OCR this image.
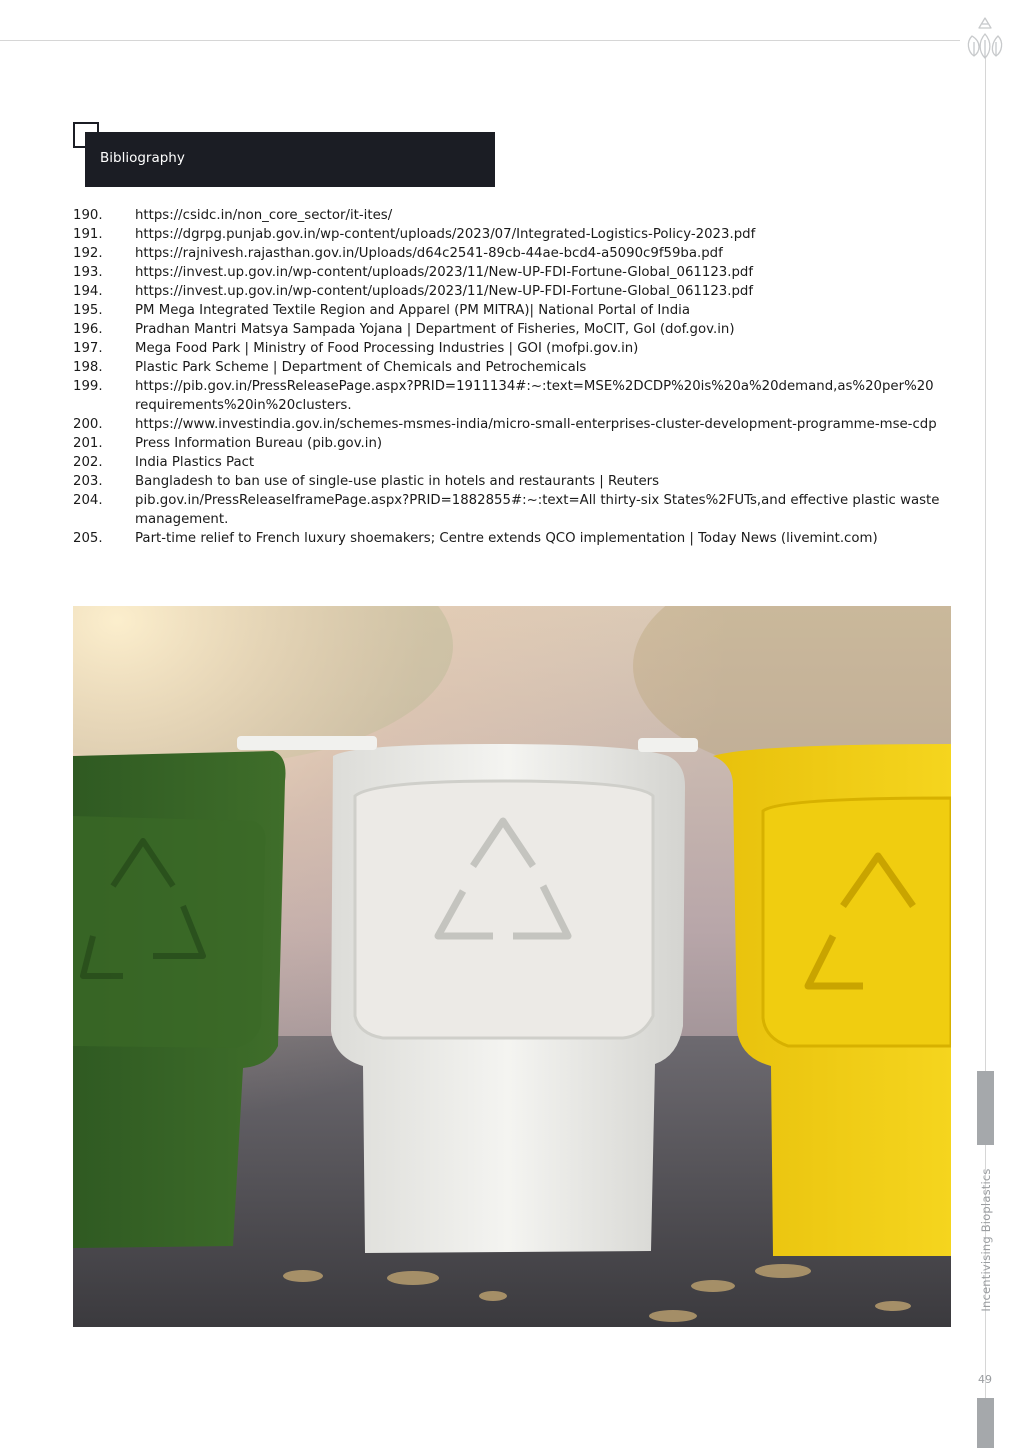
Bibliography
190.	https://csidc.in/non_core_sector/it-ites/
191.	https://dgrpg.punjab.gov.in/wp-content/uploads/2023/07/Integrated-Logistics-Policy-2023.pdf
192.	https://rajnivesh.rajasthan.gov.in/Uploads/d64c2541-89cb-44ae-bcd4-a5090c9f59ba.pdf
193.	https://invest.up.gov.in/wp-content/uploads/2023/11/New-UP-FDI-Fortune-Global_061123.pdf
194.	https://invest.up.gov.in/wp-content/uploads/2023/11/New-UP-FDI-Fortune-Global_061123.pdf
195.	PM Mega Integrated Textile Region and Apparel (PM MITRA)| National Portal of India
196.	Pradhan Mantri Matsya Sampada Yojana | Department of Fisheries, MoCIT, GoI (dof.gov.in)
197.	Mega Food Park | Ministry of Food Processing Industries | GOI (mofpi.gov.in)
198.	Plastic Park Scheme | Department of Chemicals and Petrochemicals
199.	https://pib.gov.in/PressReleasePage.aspx?PRID=1911134#:~:text=MSE%2DCDP%20is%20a%20demand,as%20per%20 requirements%20in%20clusters.
200.	https://www.investindia.gov.in/schemes-msmes-india/micro-small-enterprises-cluster-development-programme-mse-cdp
201.	Press Information Bureau (pib.gov.in)
202.	India Plastics Pact
203.	Bangladesh to ban use of single-use plastic in hotels and restaurants | Reuters
204.	pib.gov.in/PressReleaseIframePage.aspx?PRID=1882855#:~:text=All thirty-six States%2FUTs,and effective plastic waste management.
205.	Part-time relief to French luxury shoemakers; Centre extends QCO implementation | Today News (livemint.com)
Incentivising Bioplastics
49
